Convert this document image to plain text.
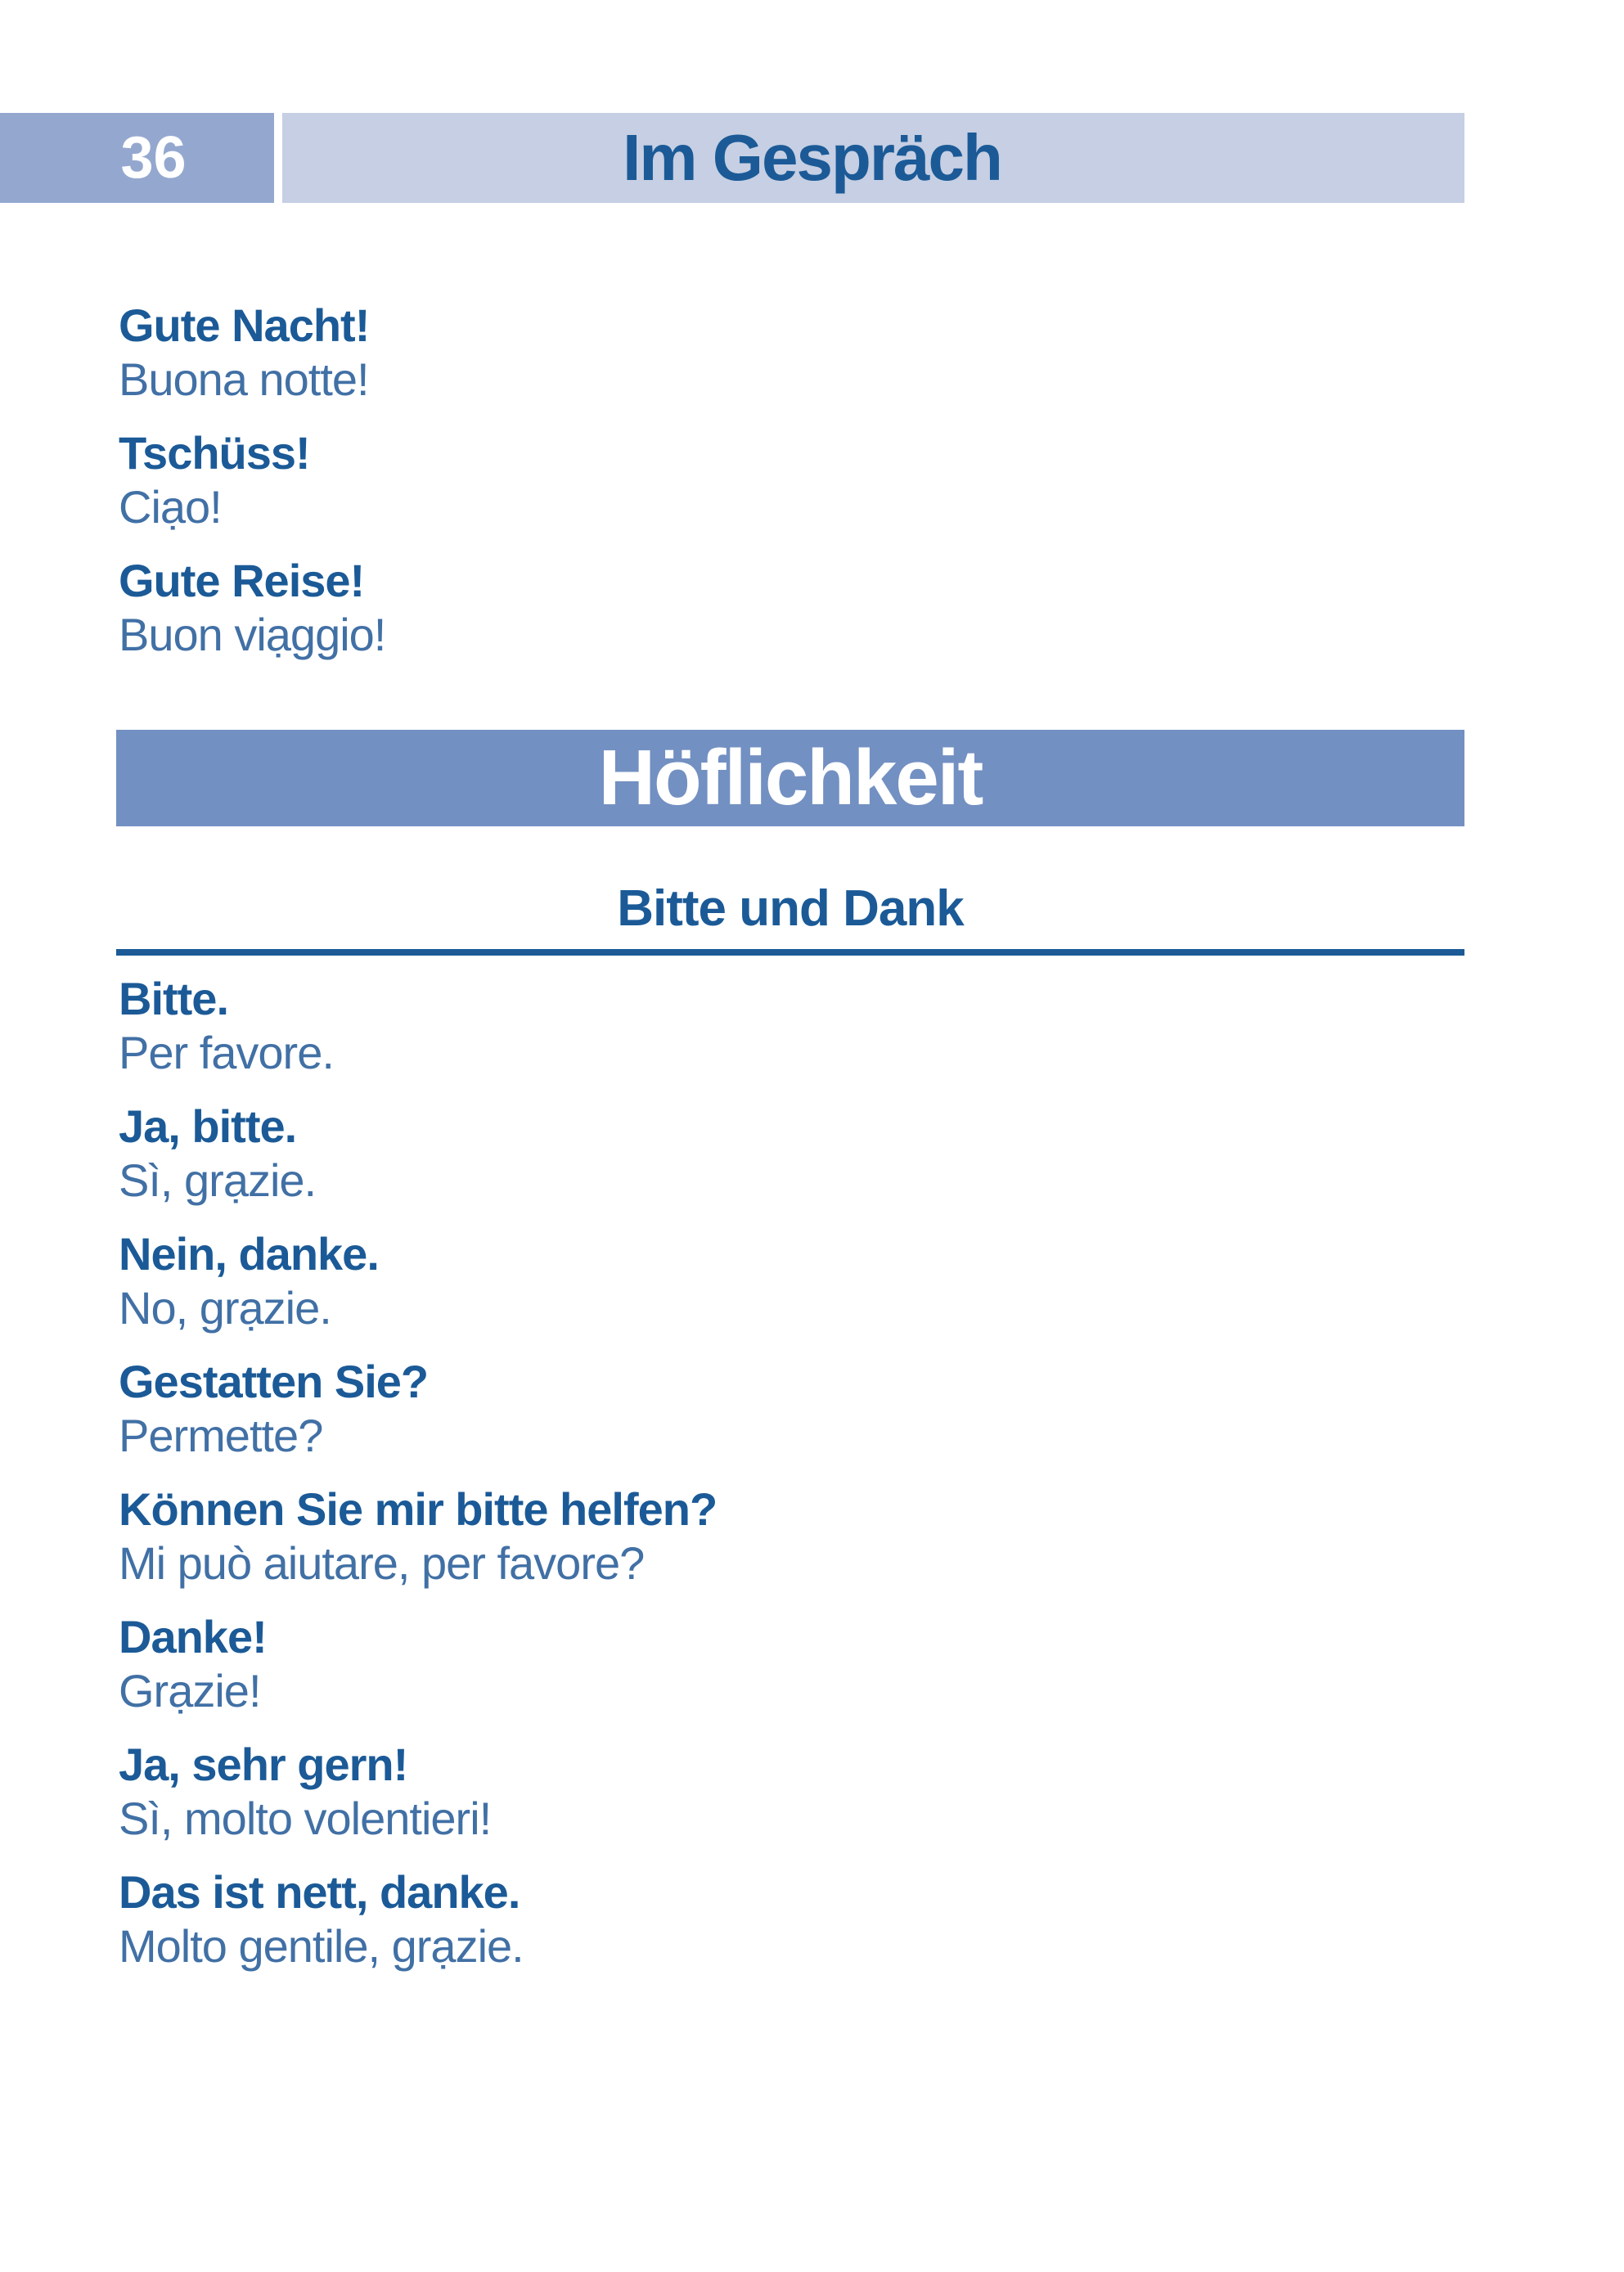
36	Im Gespräch
Gute Nacht!
Buona notte!
Tschüss!
Ciạo!
Gute Reise!
Buon viạggio!
Höflichkeit
Bitte und Dank
Bitte.
Per favore.
Ja, bitte.
Sì, grạzie.
Nein, danke.
No, grạzie.
Gestatten Sie?
Permette?
Können Sie mir bitte helfen?
Mi può aiutare, per favore?
Danke!
Grạzie!
Ja, sehr gern!
Sì, molto volentieri!
Das ist nett, danke.
Molto gentile, grạzie.
